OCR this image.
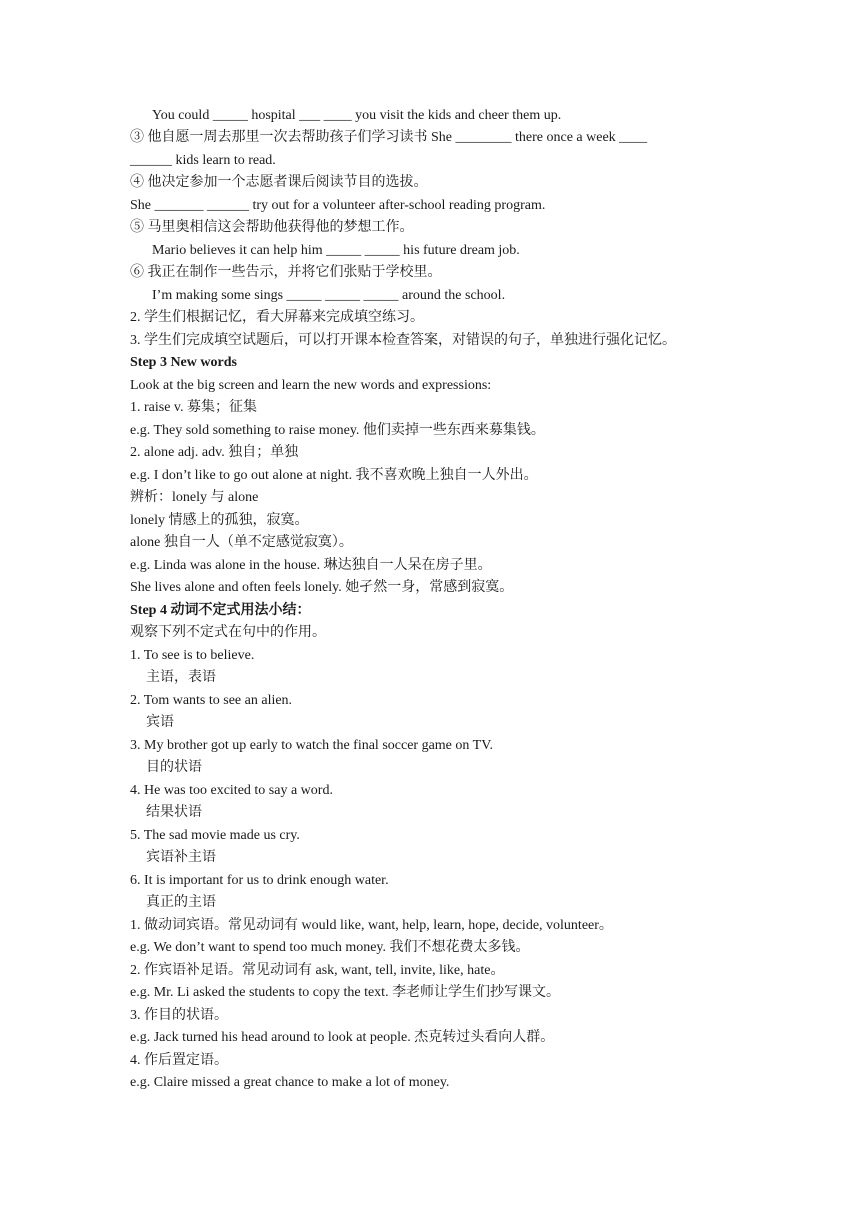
You could _____ hospital ___ ____ you visit the kids and cheer them up.
③ 他自愿一周去那里一次去帮助孩子们学习读书 She ________ there once a week ____
______ kids learn to read.
④ 他决定参加一个志愿者课后阅读节目的选拔。
She _______ ______ try out for a volunteer after-school reading program.
⑤ 马里奥相信这会帮助他获得他的梦想工作。
Mario believes it can help him _____ _____ his future dream job.
⑥ 我正在制作一些告示，并将它们张贴于学校里。
I’m making some sings _____ _____ _____ around the school.
2. 学生们根据记忆，看大屏幕来完成填空练习。
3. 学生们完成填空试题后，可以打开课本检查答案，对错误的句子，单独进行强化记忆。
Step 3 New words
Look at the big screen and learn the new words and expressions:
1. raise v. 募集；征集
e.g. They sold something to raise money. 他们卖掉一些东西来募集钱。
2. alone adj. adv. 独自；单独
e.g. I don’t like to go out alone at night. 我不喜欢晚上独自一人外出。
辨析：lonely 与 alone
lonely 情感上的孤独，寂寞。
alone 独自一人（单不定感觉寂寞）。
e.g. Linda was alone in the house. 琳达独自一人呆在房子里。
She lives alone and often feels lonely. 她孑然一身，常感到寂寞。
Step 4 动词不定式用法小结：
观察下列不定式在句中的作用。
1. To see is to believe.
主语，表语
2. Tom wants to see an alien.
宾语
3. My brother got up early to watch the final soccer game on TV.
目的状语
4. He was too excited to say a word.
结果状语
5. The sad movie made us cry.
宾语补主语
6. It is important for us to drink enough water.
真正的主语
1. 做动词宾语。常见动词有 would like, want, help, learn, hope, decide, volunteer。
e.g. We don’t want to spend too much money. 我们不想花费太多钱。
2. 作宾语补足语。常见动词有 ask, want, tell, invite, like, hate。
e.g. Mr. Li asked the students to copy the text. 李老师让学生们抄写课文。
3. 作目的状语。
e.g. Jack turned his head around to look at people. 杰克转过头看向人群。
4. 作后置定语。
e.g. Claire missed a great chance to make a lot of money.
